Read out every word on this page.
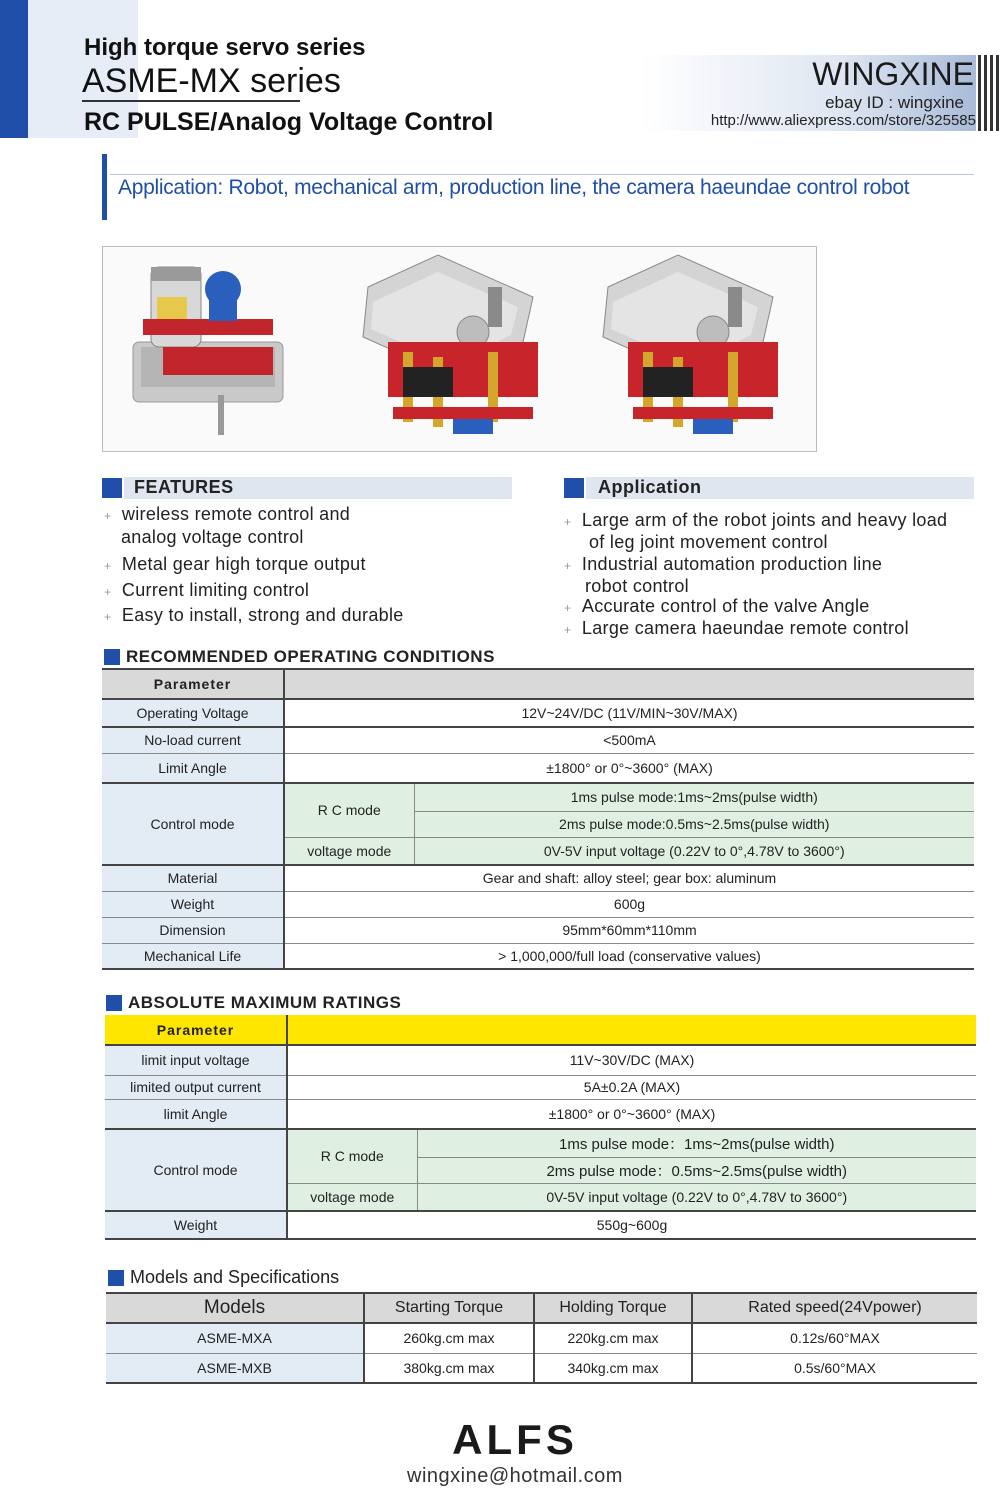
High torque servo series
ASME-MX series
RC PULSE/Analog Voltage Control
WINGXINE
ebay ID : wingxine
http://www.aliexpress.com/store/325585
Application: Robot, mechanical arm, production line, the camera haeundae control robot
FEATURES
+ wireless remote control and
analog voltage control
+ Metal gear high torque output
+ Current limiting control
+ Easy to install, strong and durable
Application
+ Large arm of the robot joints and heavy load
of leg joint movement control
+ Industrial automation production line
robot control
+ Accurate control of the valve Angle
+ Large camera haeundae remote control
RECOMMENDED OPERATING CONDITIONS
Parameter		
Operating Voltage	12V~24V/DC (11V/MIN~30V/MAX)	
No-load current	<500mA	
Limit Angle	±1800° or 0°~3600° (MAX)	
Control mode	R C mode	1ms pulse mode:1ms~2ms(pulse width)
		2ms pulse mode:0.5ms~2.5ms(pulse width)
	voltage mode	0V-5V input voltage (0.22V to 0°,4.78V to 3600°)
Material	Gear and shaft: alloy steel; gear box: aluminum	
Weight	600g	
Dimension	95mm*60mm*110mm	
Mechanical Life	> 1,000,000/full load (conservative values)	
ABSOLUTE MAXIMUM RATINGS
Parameter		
limit input voltage	11V~30V/DC (MAX)	
limited output current	5A±0.2A (MAX)	
limit Angle	±1800° or 0°~3600° (MAX)	
Control mode	R C mode	1ms pulse mode：1ms~2ms(pulse width)
		2ms pulse mode：0.5ms~2.5ms(pulse width)
	voltage mode	0V-5V input voltage (0.22V to 0°,4.78V to 3600°)
Weight	550g~600g	
Models and Specifications
Models	Starting Torque	Holding Torque	Rated speed(24Vpower)
ASME-MXA	260kg.cm max	220kg.cm max	0.12s/60°MAX
ASME-MXB	380kg.cm max	340kg.cm max	0.5s/60°MAX
ALFS
wingxine@hotmail.com
